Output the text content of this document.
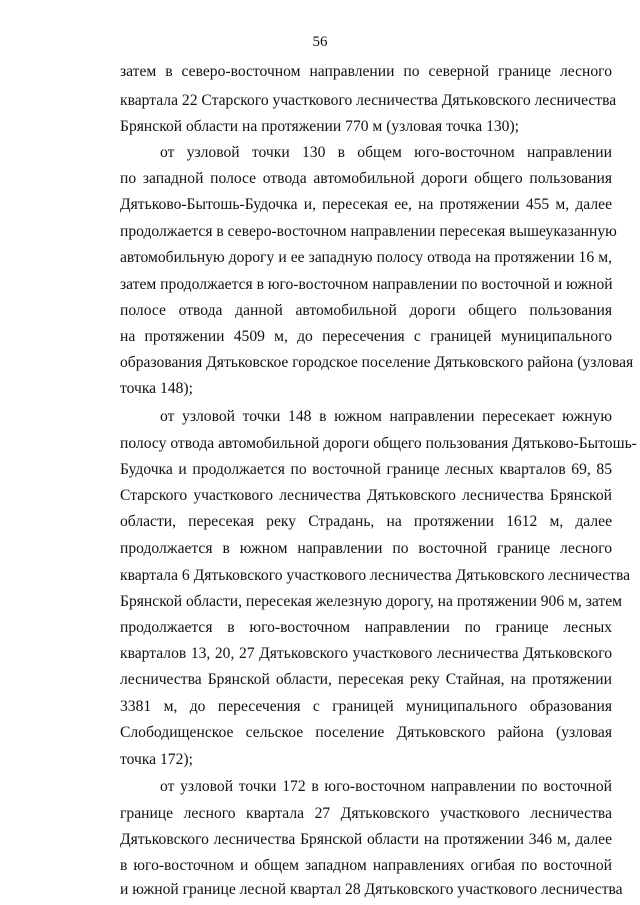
56
затем в северо-восточном направлении по северной границе лесного
квартала 22 Старского участкового лесничества Дятьковского лесничества
Брянской области на протяжении 770 м (узловая точка 130);
от узловой точки 130 в общем юго-восточном направлении
по западной полосе отвода автомобильной дороги общего пользования
Дятьково-Бытошь-Будочка и, пересекая ее, на протяжении 455 м, далее
продолжается в северо-восточном направлении пересекая вышеуказанную
автомобильную дорогу и ее западную полосу отвода на протяжении 16 м,
затем продолжается в юго-восточном направлении по восточной и южной
полосе отвода данной автомобильной дороги общего пользования
на протяжении 4509 м, до пересечения с границей муниципального
образования Дятьковское городское поселение Дятьковского района (узловая
точка 148);
от узловой точки 148 в южном направлении пересекает южную
полосу отвода автомобильной дороги общего пользования Дятьково-Бытошь-
Будочка и продолжается по восточной границе лесных кварталов 69, 85
Старского участкового лесничества Дятьковского лесничества Брянской
области, пересекая реку Страдань, на протяжении 1612 м, далее
продолжается в южном направлении по восточной границе лесного
квартала 6 Дятьковского участкового лесничества Дятьковского лесничества
Брянской области, пересекая железную дорогу, на протяжении 906 м, затем
продолжается в юго-восточном направлении по границе лесных
кварталов 13, 20, 27 Дятьковского участкового лесничества Дятьковского
лесничества Брянской области, пересекая реку Стайная, на протяжении
3381 м, до пересечения с границей муниципального образования
Слободищенское сельское поселение Дятьковского района (узловая
точка 172);
от узловой точки 172 в юго-восточном направлении по восточной
границе лесного квартала 27 Дятьковского участкового лесничества
Дятьковского лесничества Брянской области на протяжении 346 м, далее
в юго-восточном и общем западном направлениях огибая по восточной
и южной границе лесной квартал 28 Дятьковского участкового лесничества
